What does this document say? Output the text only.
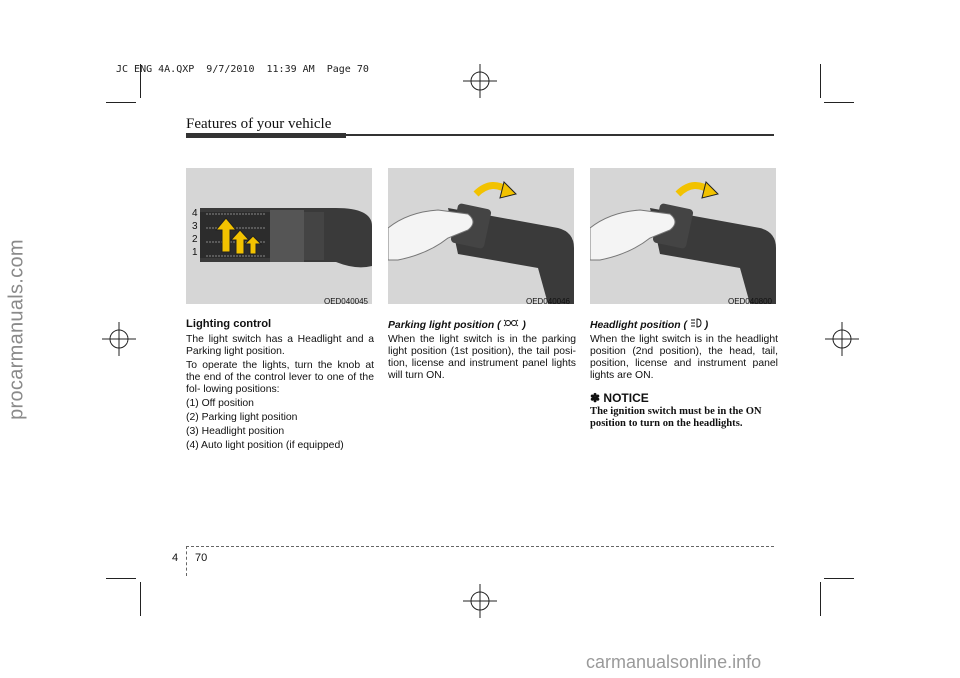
JC ENG 4A.QXP  9/7/2010  11:39 AM  Page 70
procarmanuals.com
Features of your vehicle
4
3
2
1
OED040045	OED040046	OED040800
Lighting control

The light switch has a Headlight and a Parking light position.

To operate the lights, turn the knob at the end of the control lever to one of the fol- lowing positions:

(1) Off position

(2) Parking light position

(3) Headlight position

(4) Auto light position (if equipped)

Parking light position (  )

When the light switch is in the parking light position (1st position), the tail posi- tion, license and instrument panel lights will turn ON.

Headlight position (  )

When the light switch is in the headlight position (2nd position), the head, tail, position, license and instrument panel lights are ON.

✽ NOTICE
The ignition switch must be in the ON position to turn on the headlights.
4 70
carmanualsonline.info
